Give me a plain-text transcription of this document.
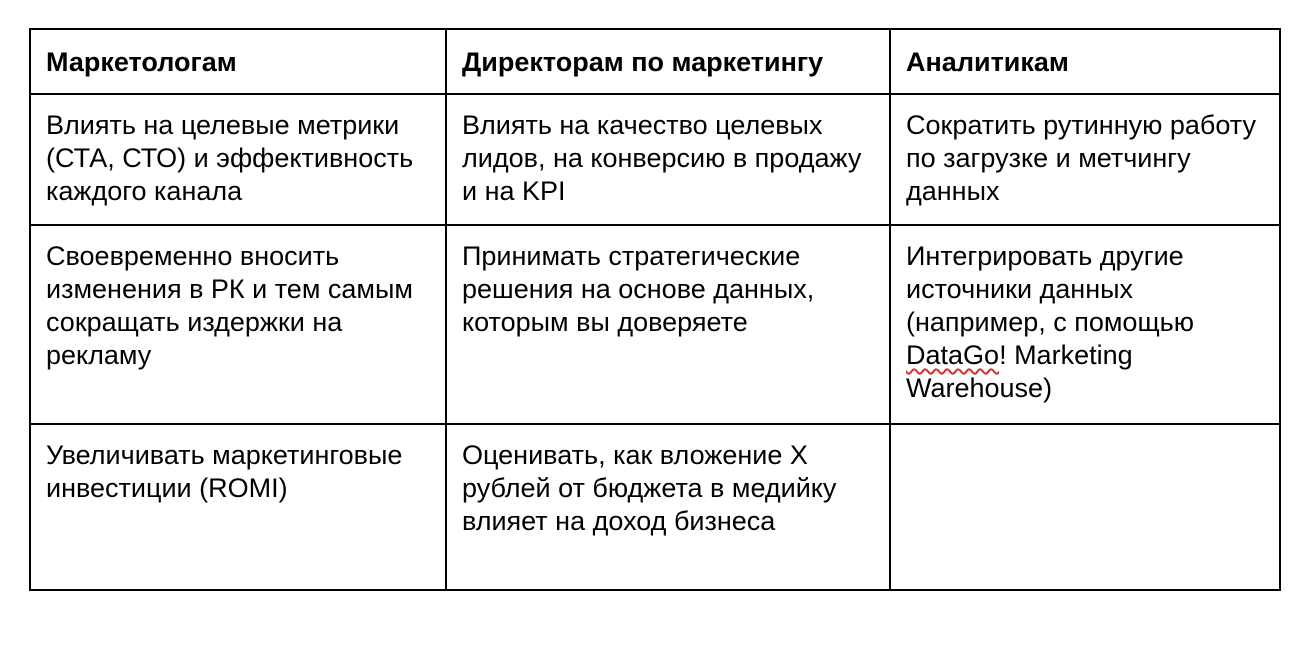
Маркетологам	Директорам по маркетингу	Аналитикам
Влиять на целевые метрики (СТА, СТО) и эффективность каждого канала	Влиять на качество целевых лидов, на конверсию в продажу и на KPI	Сократить рутинную работу по загрузке и метчингу данных
Своевременно вносить изменения в РК и тем самым сокращать издержки на рекламу	Принимать стратегические решения на основе данных, которым вы доверяете	Интегрировать другие источники данных (например, с помощью DataGo! Marketing Warehouse)
Увеличивать маркетинговые инвестиции (ROMI)	Оценивать, как вложение Х рублей от бюджета в медийку влияет на доход бизнеса	
